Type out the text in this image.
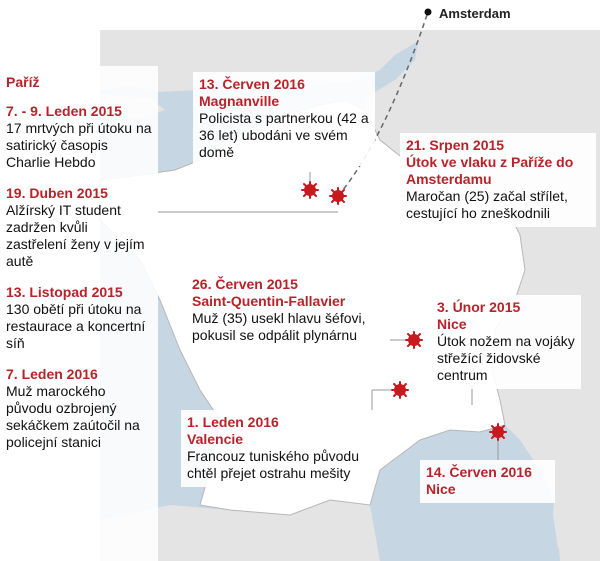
Amsterdam
Paříž
7. - 9. Leden 2015
17 mrtvých při útoku na satirický časopis Charlie Hebdo
19. Duben 2015
Alžírský IT student zadržen kvůli zastřelení ženy v jejím autě
13. Listopad 2015
130 obětí při útoku na restaurace a koncertní síň
7. Leden 2016
Muž marockého původu ozbrojený sekáčkem zaútočil na policejní stanici
13. Červen 2016
Magnanville
Policista s partnerkou (42 a 36 let) ubodáni ve svém domě	21. Srpen 2015
Útok ve vlaku z Paříže do Amsterdamu
Maročan (25) začal střílet, cestující ho zneškodnili
26. Červen 2015
Saint-Quentin-Fallavier
Muž (35) usekl hlavu šéfovi, pokusil se odpálit plynárnu
3. Únor 2015
Nice
Útok nožem na vojáky střežící židovské centrum
1. Leden 2016
Valencie
Francouz tuniského původu chtěl přejet ostrahu mešity	14. Červen 2016
Nice
